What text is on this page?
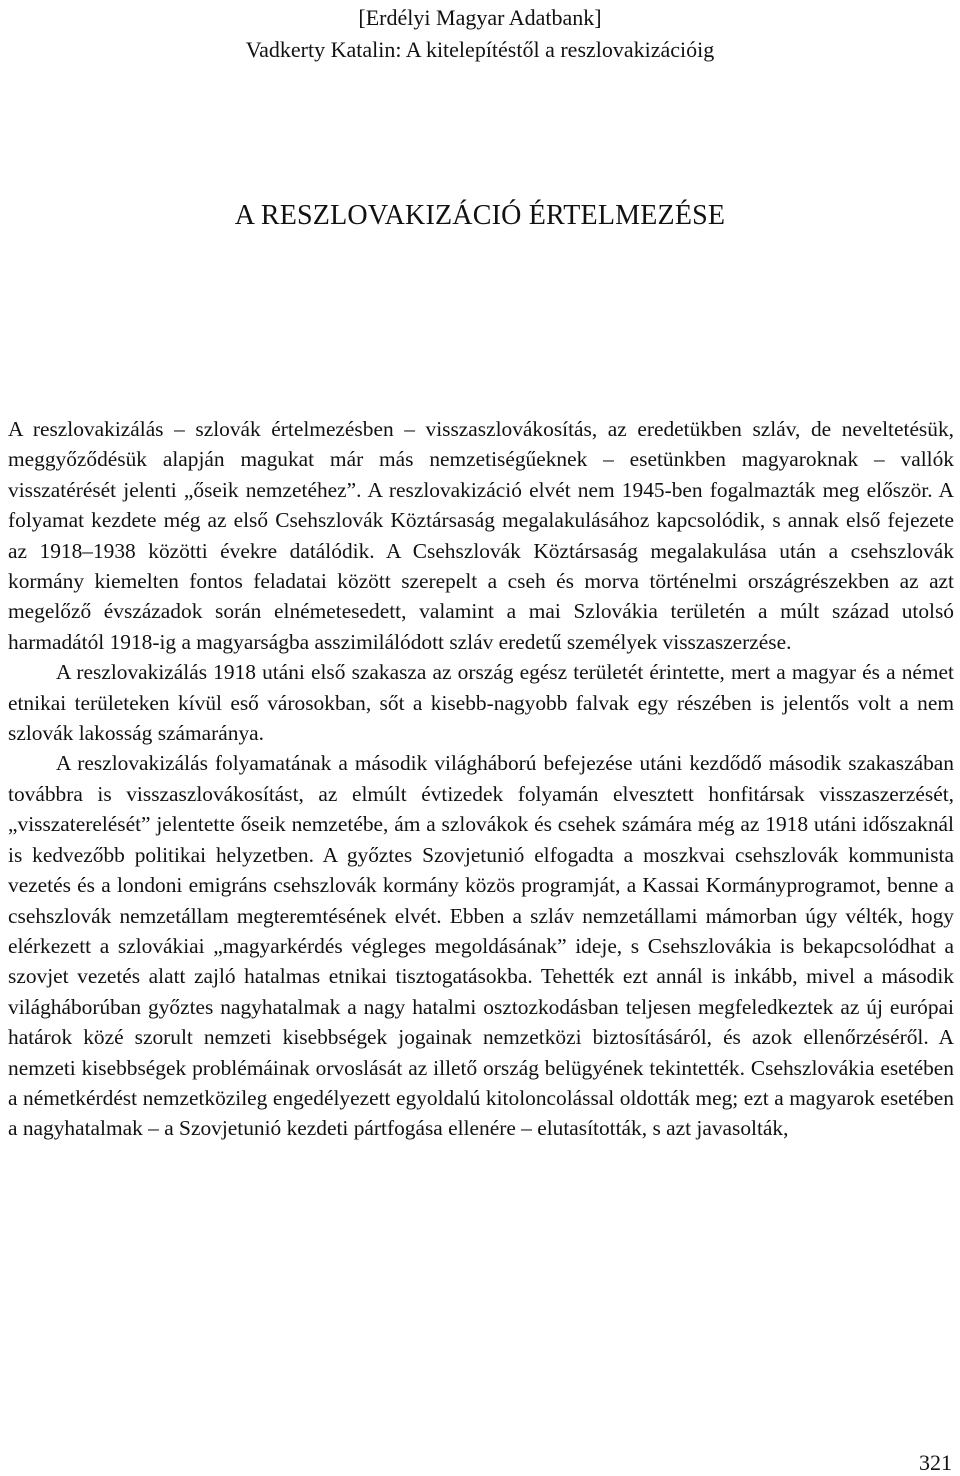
[Erdélyi Magyar Adatbank]
Vadkerty Katalin: A kitelepítéstől a reszlovakizációig
A RESZLOVAKIZÁCIÓ ÉRTELMEZÉSE

A reszlovakizálás – szlovák értelmezésben – visszaszlovákosítás, az eredetükben szláv, de neveltetésük, meggyőződésük alapján magukat már más nemzetiségűeknek – esetünkben magyaroknak – vallók visszatérését jelenti „őseik nemzetéhez”. A reszlovakizáció elvét nem 1945-ben fogalmazták meg először. A folyamat kezdete még az első Csehszlovák Köztársaság megalakulásához kapcsolódik, s annak első fejezete az 1918–1938 közötti évekre datálódik. A Csehszlovák Köztársaság megalakulása után a csehszlovák kormány kiemelten fontos feladatai között szerepelt a cseh és morva történelmi országrészekben az azt megelőző évszázadok során elnémetesedett, valamint a mai Szlovákia területén a múlt század utolsó harmadától 1918-ig a magyarságba asszimilálódott szláv eredetű személyek visszaszerzése.

A reszlovakizálás 1918 utáni első szakasza az ország egész területét érintette, mert a magyar és a német etnikai területeken kívül eső városokban, sőt a kisebb-nagyobb falvak egy részében is jelentős volt a nem szlovák lakosság számaránya.

A reszlovakizálás folyamatának a második világháború befejezése utáni kezdődő második szakaszában továbbra is visszaszlovákosítást, az elmúlt évtizedek folyamán elvesztett honfitársak visszaszerzését, „visszaterelését” jelentette őseik nemzetébe, ám a szlovákok és csehek számára még az 1918 utáni időszaknál is kedvezőbb politikai helyzetben. A győztes Szovjetunió elfogadta a moszkvai csehszlovák kommunista vezetés és a londoni emigráns csehszlovák kormány közös programját, a Kassai Kormányprogramot, benne a csehszlovák nemzetállam megteremtésének elvét. Ebben a szláv nemzetállami mámorban úgy vélték, hogy elérkezett a szlovákiai „magyarkérdés végleges megoldásának” ideje, s Csehszlovákia is bekapcsolódhat a szovjet vezetés alatt zajló hatalmas etnikai tisztogatásokba. Tehették ezt annál is inkább, mivel a második világháborúban győztes nagyhatalmak a nagy hatalmi osztozkodásban teljesen megfeledkeztek az új európai határok közé szorult nemzeti kisebbségek jogainak nemzetközi biztosításáról, és azok ellenőrzéséről. A nemzeti kisebbségek problémáinak orvoslását az illető ország belügyének tekintették. Csehszlovákia esetében a németkérdést nemzetközileg engedélyezett egyoldalú kitoloncolással oldották meg; ezt a magyarok esetében a nagyhatalmak – a Szovjetunió kezdeti pártfogása ellenére – elutasították, s azt javasolták,

321
